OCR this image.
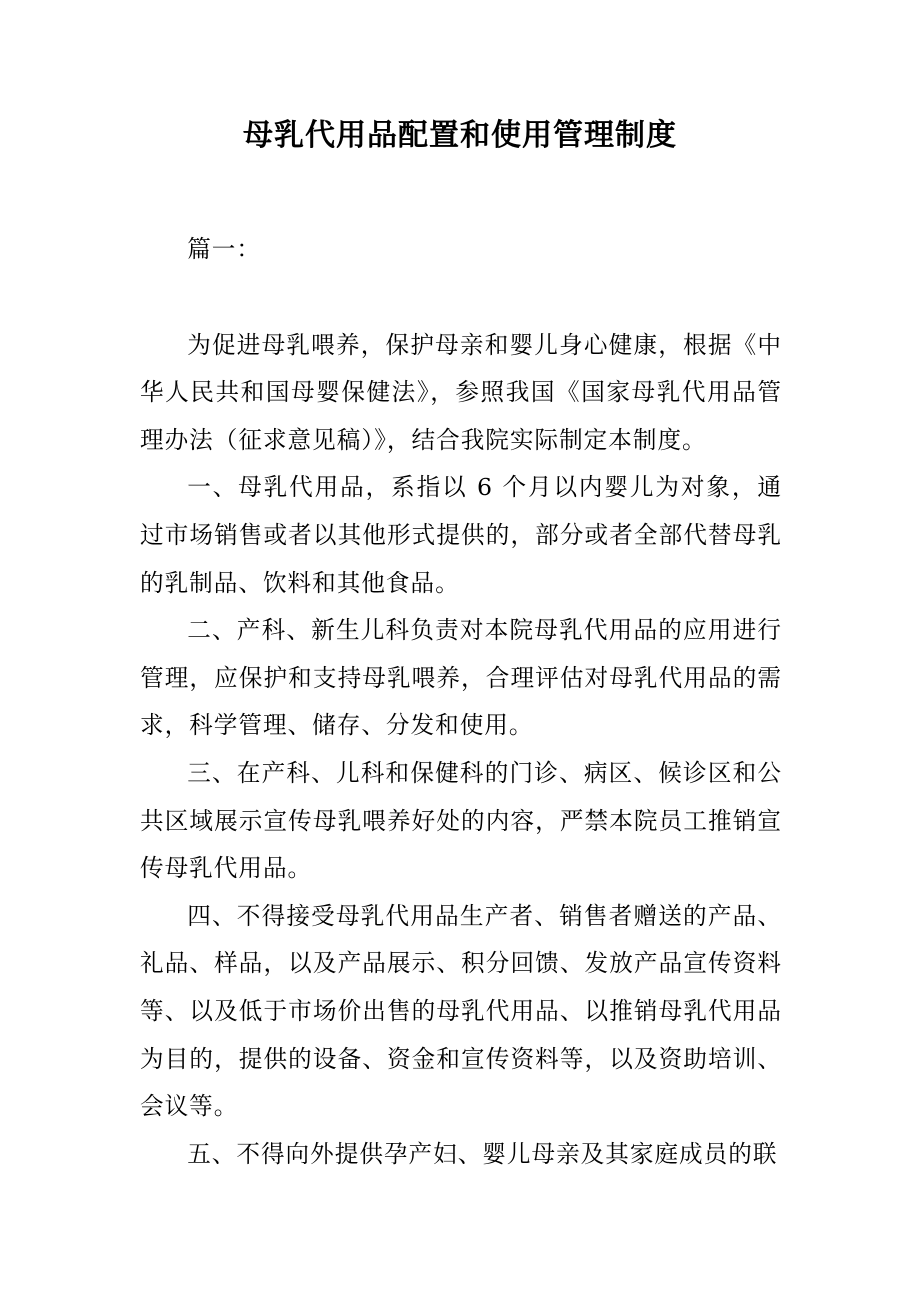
母乳代用品配置和使用管理制度

篇一：

为促进母乳喂养，保护母亲和婴儿身心健康，根据《中华人民共和国母婴保健法》，参照我国《国家母乳代用品管理办法（征求意见稿）》，结合我院实际制定本制度。

一、母乳代用品，系指以 6 个月以内婴儿为对象，通过市场销售或者以其他形式提供的，部分或者全部代替母乳的乳制品、饮料和其他食品。

二、产科、新生儿科负责对本院母乳代用品的应用进行管理，应保护和支持母乳喂养，合理评估对母乳代用品的需求，科学管理、储存、分发和使用。

三、在产科、儿科和保健科的门诊、病区、候诊区和公共区域展示宣传母乳喂养好处的内容，严禁本院员工推销宣传母乳代用品。

四、不得接受母乳代用品生产者、销售者赠送的产品、礼品、样品，以及产品展示、积分回馈、发放产品宣传资料等、以及低于市场价出售的母乳代用品、以推销母乳代用品为目的，提供的设备、资金和宣传资料等，以及资助培训、会议等。

五、不得向外提供孕产妇、婴儿母亲及其家庭成员的联
